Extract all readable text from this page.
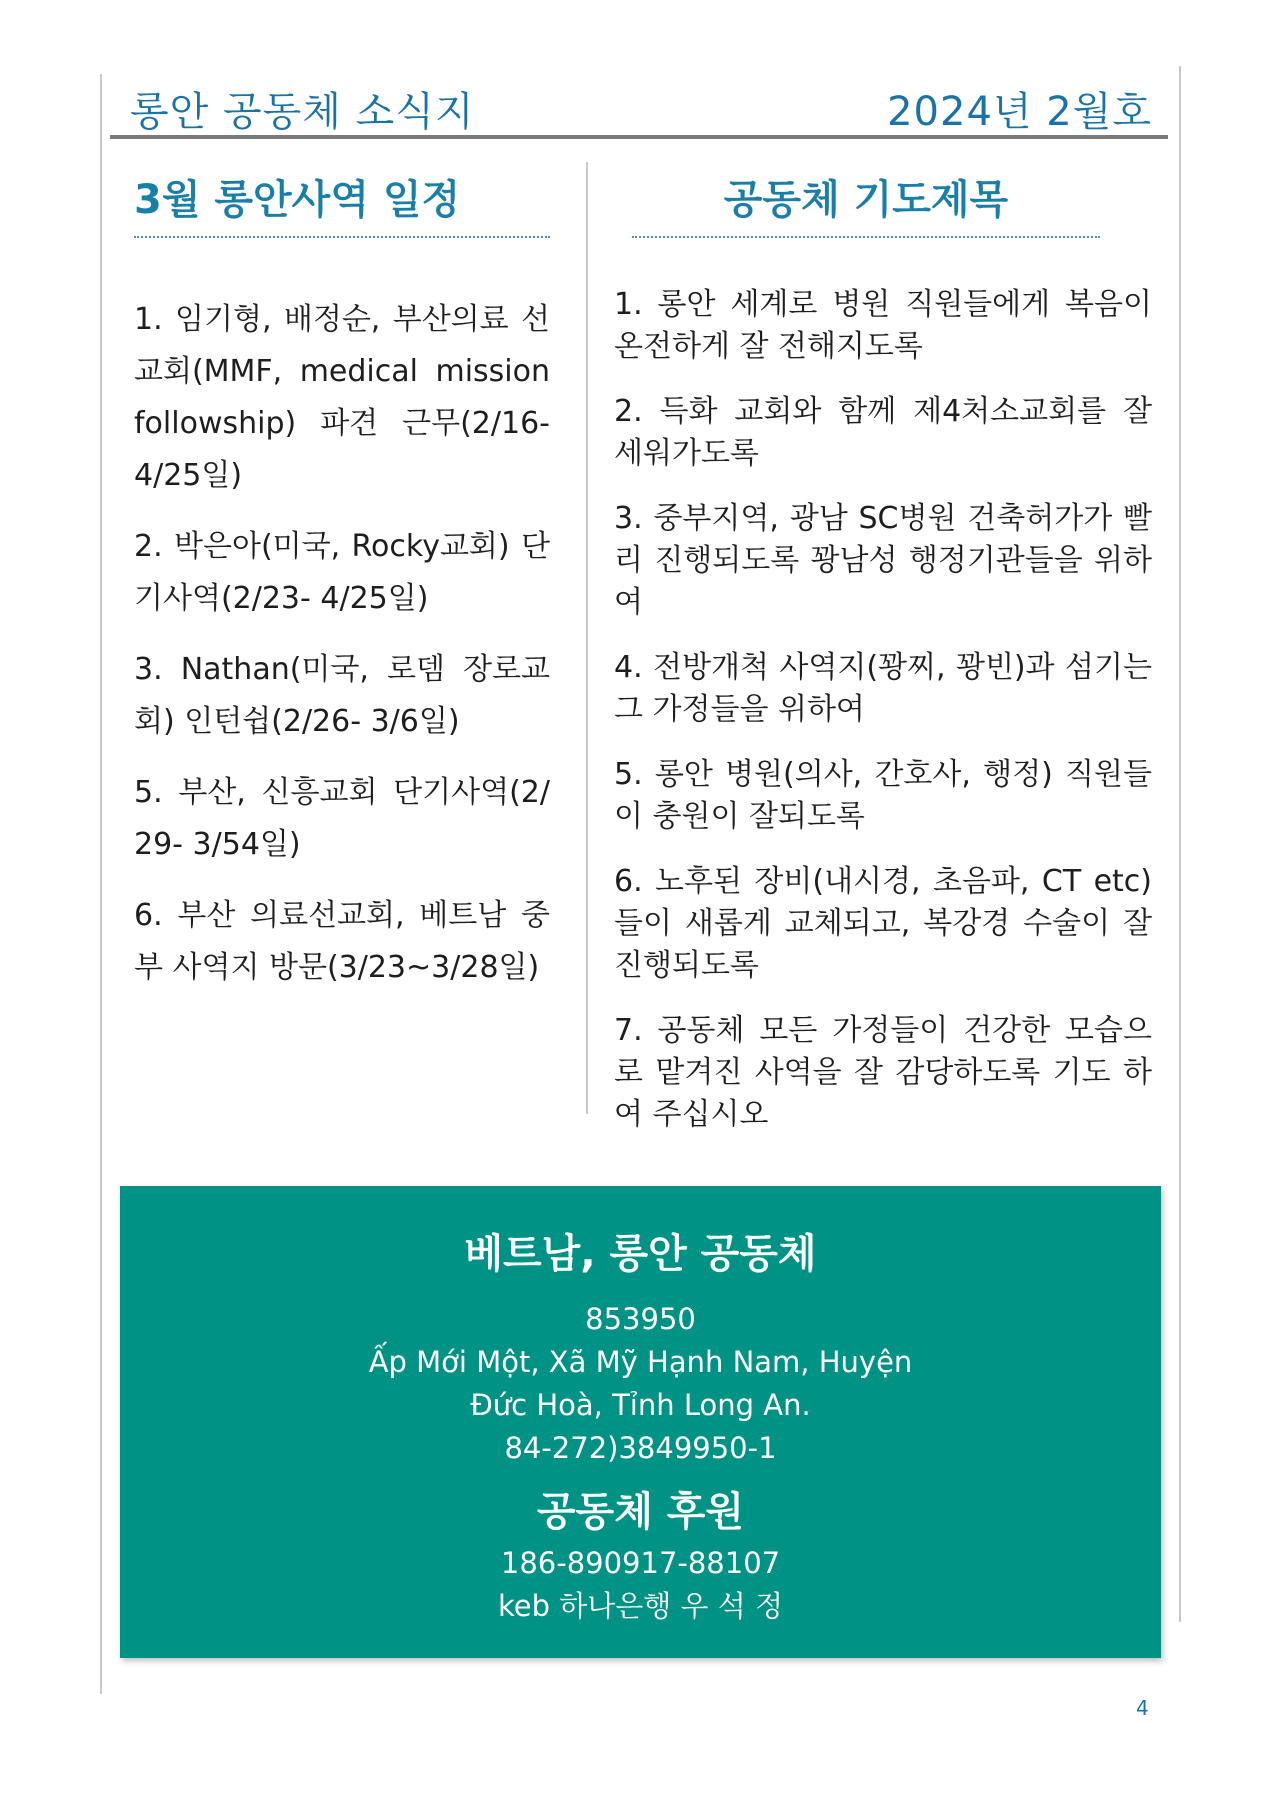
롱안 공동체 소식지	2024년 2월호
3월 롱안사역 일정
1. 임기형, 배정순, 부산의료 선교회(MMF, medical mission followship) 파견 근무(2/16- 4/25일)
2. 박은아(미국, Rocky교회) 단기사역(2/23- 4/25일)
3. Nathan(미국, 로뎀 장로교회) 인턴쉽(2/26- 3/6일)
5. 부산, 신흥교회 단기사역(2/ 29- 3/54일)
6. 부산 의료선교회, 베트남 중부 사역지 방문(3/23~3/28일)
공동체 기도제목
1. 롱안 세계로 병원 직원들에게 복음이 온전하게 잘 전해지도록
2. 득화 교회와 함께 제4처소교회를 잘 세워가도록
3. 중부지역, 광남 SC병원 건축허가가 빨리 진행되도록 꽝남성 행정기관들을 위하여
4. 전방개척 사역지(꽝찌, 꽝빈)과 섬기는 그 가정들을 위하여
5. 롱안 병원(의사, 간호사, 행정) 직원들이 충원이 잘되도록
6. 노후된 장비(내시경, 초음파, CT etc) 들이 새롭게 교체되고, 복강경 수술이 잘 진행되도록
7. 공동체 모든 가정들이 건강한 모습으로 맡겨진 사역을 잘 감당하도록 기도 하여 주십시오
베트남, 롱안 공동체
853950
Ấp Mới Một, Xã Mỹ Hạnh Nam, Huyện
Đức Hoà, Tỉnh Long An.
84-272)3849950-1
공동체 후원
186-890917-88107
keb 하나은행 우 석 정
4
